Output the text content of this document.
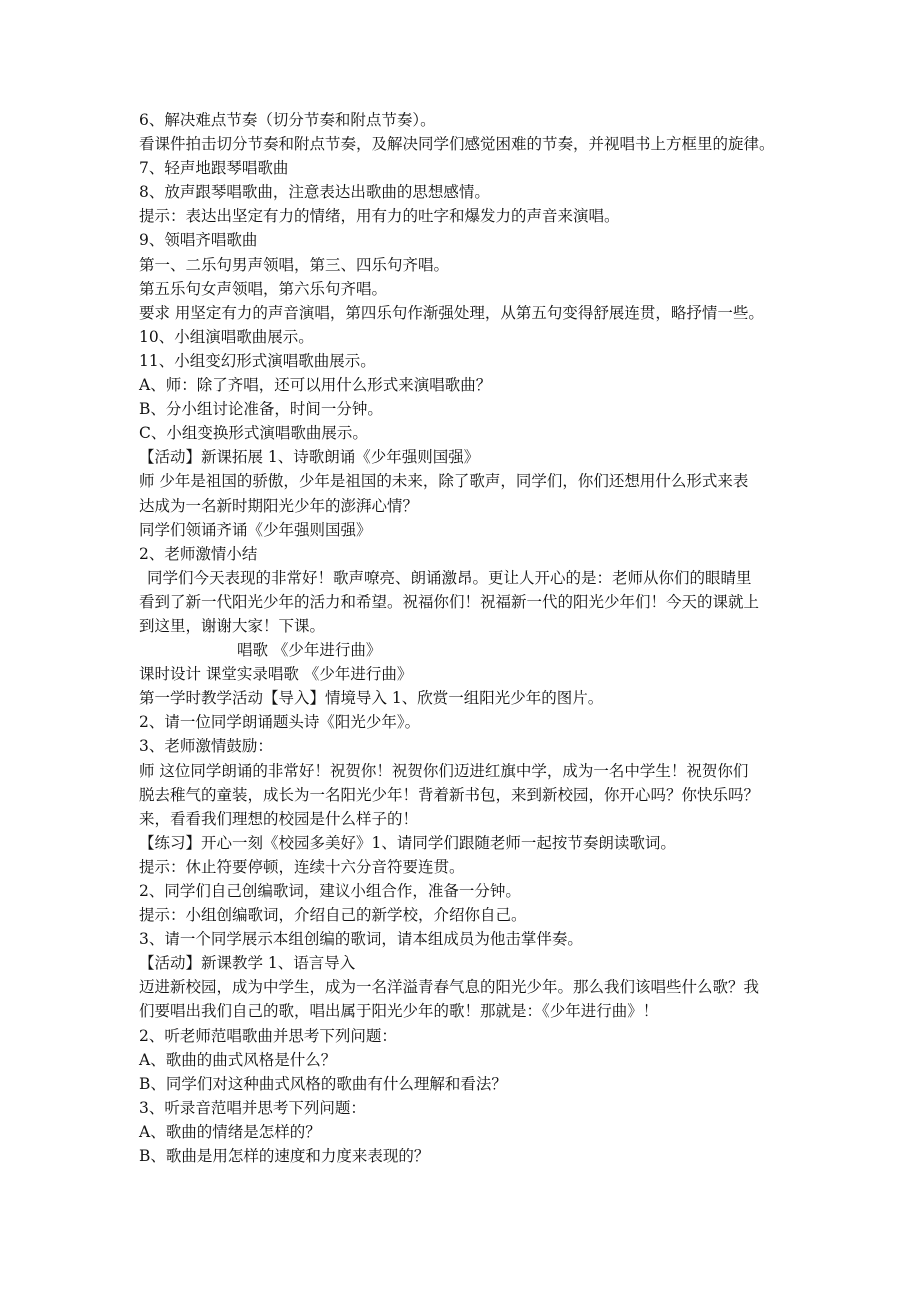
6、解决难点节奏（切分节奏和附点节奏）。
看课件拍击切分节奏和附点节奏，及解决同学们感觉困难的节奏，并视唱书上方框里的旋律。
7、轻声地跟琴唱歌曲
8、放声跟琴唱歌曲，注意表达出歌曲的思想感情。
提示：表达出坚定有力的情绪，用有力的吐字和爆发力的声音来演唱。
9、领唱齐唱歌曲
第一、二乐句男声领唱，第三、四乐句齐唱。
第五乐句女声领唱，第六乐句齐唱。
要求 用坚定有力的声音演唱，第四乐句作渐强处理，从第五句变得舒展连贯，略抒情一些。
10、小组演唱歌曲展示。
11、小组变幻形式演唱歌曲展示。
A、师：除了齐唱，还可以用什么形式来演唱歌曲？
B、分小组讨论准备，时间一分钟。
C、小组变换形式演唱歌曲展示。
【活动】新课拓展 1、诗歌朗诵《少年强则国强》
师 少年是祖国的骄傲，少年是祖国的未来，除了歌声，同学们，你们还想用什么形式来表
达成为一名新时期阳光少年的澎湃心情？
同学们领诵齐诵《少年强则国强》
2、老师激情小结
同学们今天表现的非常好！歌声嘹亮、朗诵激昂。更让人开心的是：老师从你们的眼睛里
看到了新一代阳光少年的活力和希望。祝福你们！祝福新一代的阳光少年们！今天的课就上
到这里，谢谢大家！下课。
唱歌 《少年进行曲》
课时设计 课堂实录唱歌 《少年进行曲》
第一学时教学活动【导入】情境导入 1、欣赏一组阳光少年的图片。
2、请一位同学朗诵题头诗《阳光少年》。
3、老师激情鼓励：
师 这位同学朗诵的非常好！祝贺你！祝贺你们迈进红旗中学，成为一名中学生！祝贺你们
脱去稚气的童装，成长为一名阳光少年！背着新书包，来到新校园，你开心吗？你快乐吗？
来，看看我们理想的校园是什么样子的！
【练习】开心一刻《校园多美好》1、请同学们跟随老师一起按节奏朗读歌词。
提示：休止符要停顿，连续十六分音符要连贯。
2、同学们自己创编歌词，建议小组合作，准备一分钟。
提示：小组创编歌词，介绍自己的新学校，介绍你自己。
3、请一个同学展示本组创编的歌词，请本组成员为他击掌伴奏。
【活动】新课教学 1、语言导入
迈进新校园，成为中学生，成为一名洋溢青春气息的阳光少年。那么我们该唱些什么歌？我
们要唱出我们自己的歌，唱出属于阳光少年的歌！那就是：《少年进行曲》！
2、听老师范唱歌曲并思考下列问题：
A、歌曲的曲式风格是什么？
B、同学们对这种曲式风格的歌曲有什么理解和看法？
3、听录音范唱并思考下列问题：
A、歌曲的情绪是怎样的？
B、歌曲是用怎样的速度和力度来表现的？
